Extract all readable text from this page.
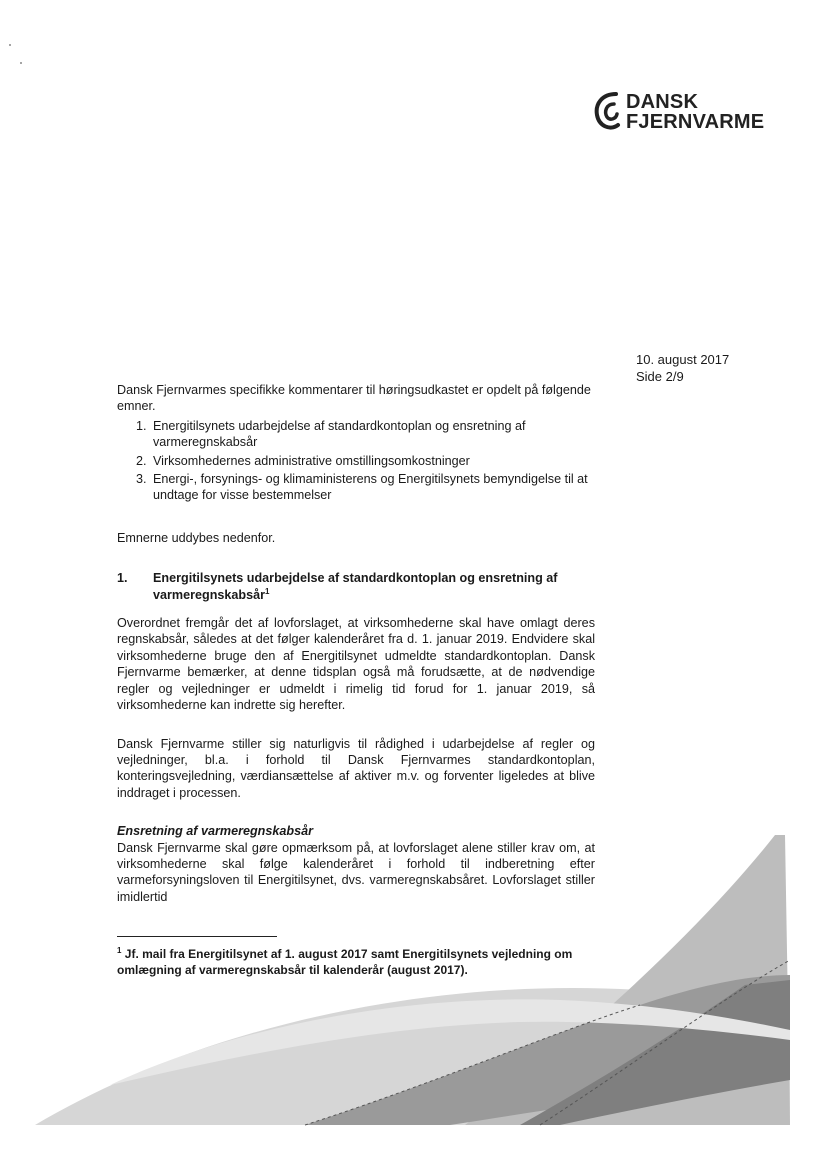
DANSK
FJERNVARME
10. august 2017
Side 2/9

Dansk Fjernvarmes specifikke kommentarer til høringsudkastet er opdelt på følgende emner.

1. Energitilsynets udarbejdelse af standardkontoplan og ensretning af varmeregnskabsår
2. Virksomhedernes administrative omstillingsomkostninger
3. Energi-, forsynings- og klimaministerens og Energitilsynets bemyndigelse til at undtage for visse bestemmelser

Emnerne uddybes nedenfor.

1. Energitilsynets udarbejdelse af standardkontoplan og ensretning af varmeregnskabsår$^1$

Overordnet fremgår det af lovforslaget, at virksomhederne skal have omlagt deres regnskabsår, således at det følger kalenderåret fra d. 1. januar 2019. Endvidere skal virksomhederne bruge den af Energitilsynet udmeldte standardkontoplan. Dansk Fjernvarme bemærker, at denne tidsplan også må forudsætte, at de nødvendige regler og vejledninger er udmeldt i rimelig tid forud for 1. januar 2019, så virksomhederne kan indrette sig herefter.

Dansk Fjernvarme stiller sig naturligvis til rådighed i udarbejdelse af regler og vejledninger, bl.a. i forhold til Dansk Fjernvarmes standardkontoplan, konteringsvejledning, værdiansættelse af aktiver m.v. og forventer ligeledes at blive inddraget i processen.

Ensretning af varmeregnskabsår

Dansk Fjernvarme skal gøre opmærksom på, at lovforslaget alene stiller krav om, at virksomhederne skal følge kalenderåret i forhold til indberetning efter varmeforsyningsloven til Energitilsynet, dvs. varmeregnskabsåret. Lovforslaget stiller imidlertid

$^1$ Jf. mail fra Energitilsynet af 1. august 2017 samt Energitilsynets vejledning om omlægning af varmeregnskabsår til kalenderår (august 2017).
